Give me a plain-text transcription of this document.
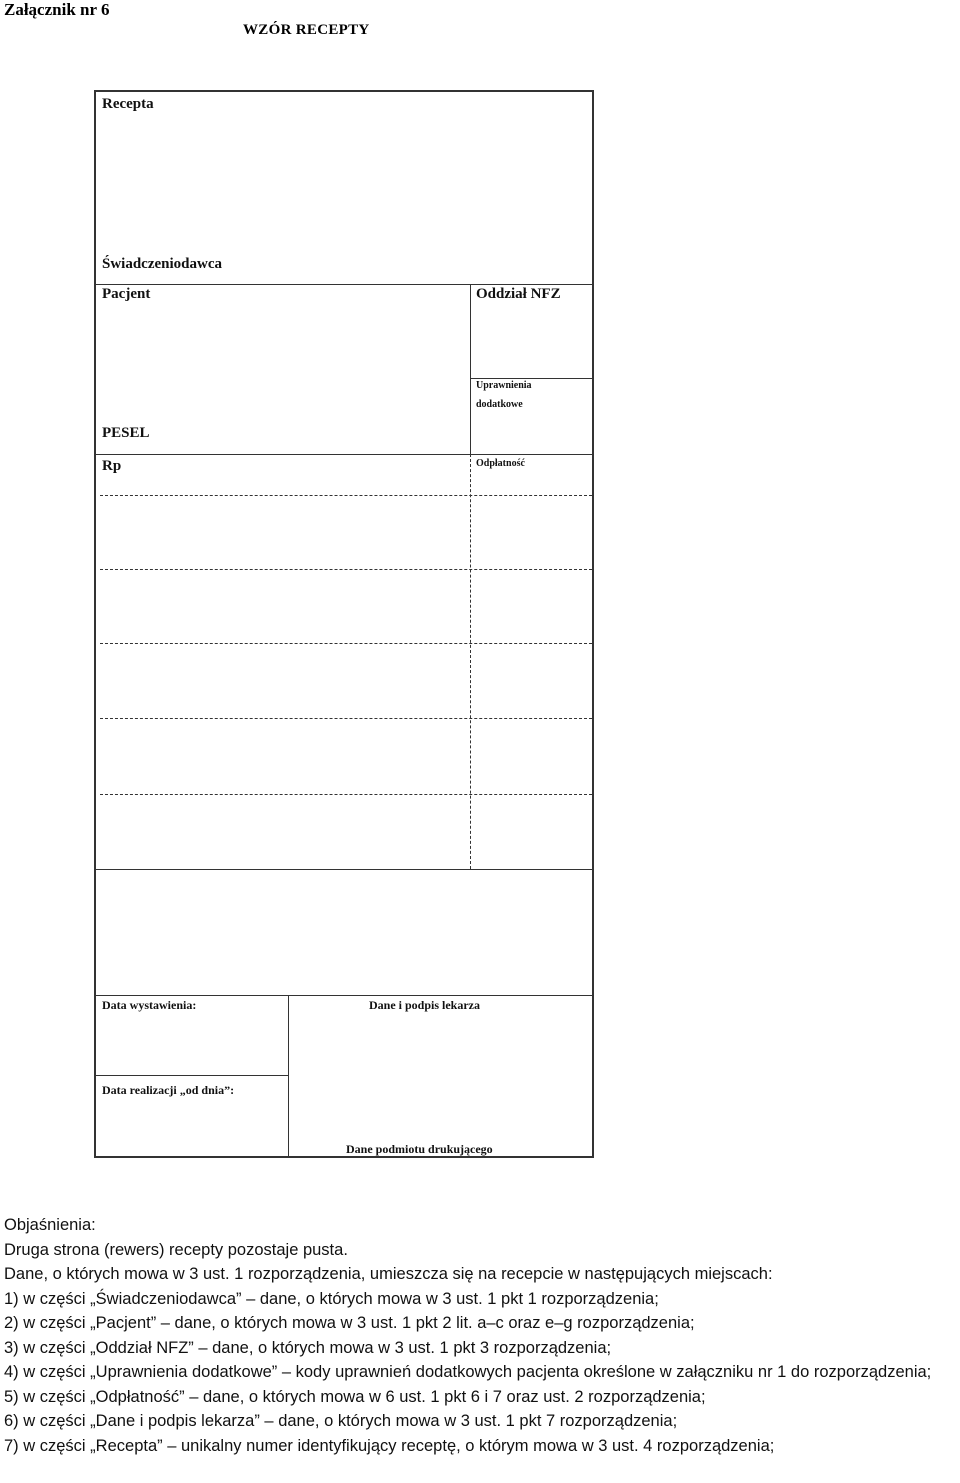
Załącznik nr 6
WZÓR RECEPTY
Recepta
Świadczeniodawca
Pacjent	Oddział NFZ
Uprawnienia
dodatkowe
PESEL
Rp	Odpłatność
Data wystawienia:	Dane i podpis lekarza
Data realizacji „od dnia”:
Dane podmiotu drukującego

Objaśnienia:

Druga strona (rewers) recepty pozostaje pusta.

Dane, o których mowa w 3 ust. 1 rozporządzenia, umieszcza się na recepcie w następujących miejscach:

1) w części „Świadczeniodawca” – dane, o których mowa w 3 ust. 1 pkt 1 rozporządzenia;

2) w części „Pacjent” – dane, o których mowa w 3 ust. 1 pkt 2 lit. a–c oraz e–g rozporządzenia;

3) w części „Oddział NFZ” – dane, o których mowa w 3 ust. 1 pkt 3 rozporządzenia;

4) w części „Uprawnienia dodatkowe” – kody uprawnień dodatkowych pacjenta określone w załączniku nr 1 do rozporządzenia;

5) w części „Odpłatność” – dane, o których mowa w 6 ust. 1 pkt 6 i 7 oraz ust. 2 rozporządzenia;

6) w części „Dane i podpis lekarza” – dane, o których mowa w 3 ust. 1 pkt 7 rozporządzenia;

7) w części „Recepta” – unikalny numer identyfikujący receptę, o którym mowa w 3 ust. 4 rozporządzenia;
